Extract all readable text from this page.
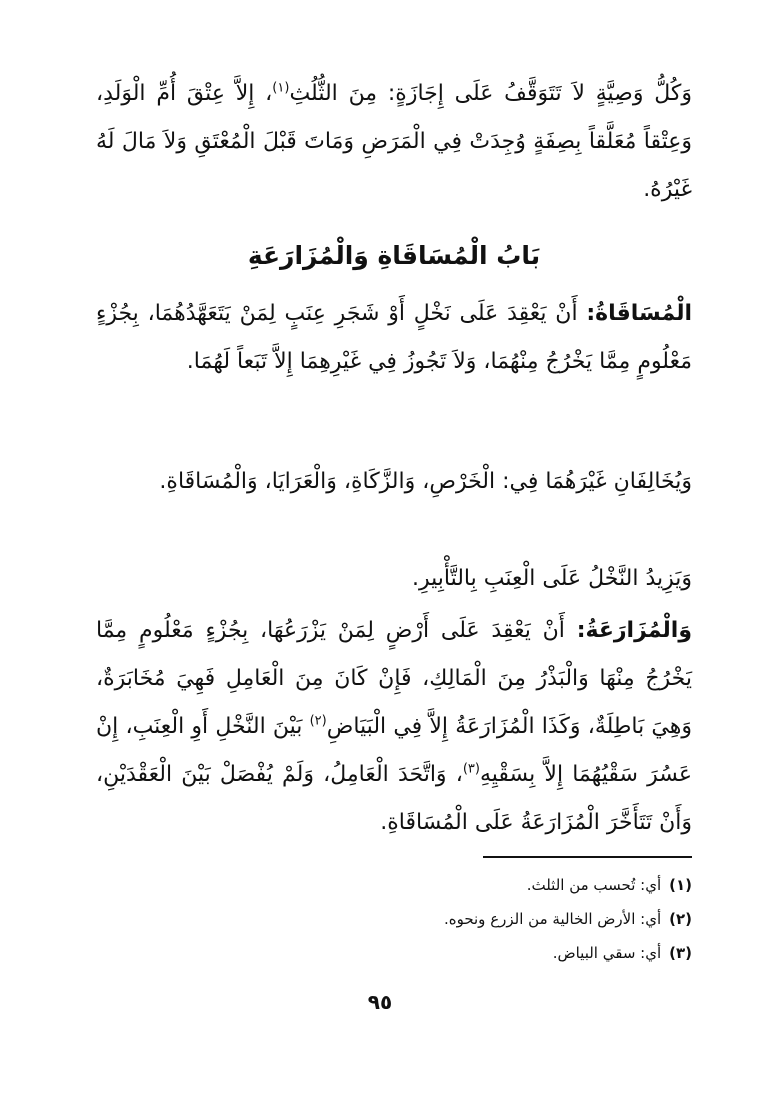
وَكُلُّ وَصِيَّةٍ لاَ تَتَوَقَّفُ عَلَى إِجَازَةٍ: مِنَ الثُّلُثِ$^{(١)}$، إِلاَّ عِتْقَ أُمِّ الْوَلَدِ، وَعِتْقاً مُعَلَّقاً بِصِفَةٍ وُجِدَتْ فِي الْمَرَضِ وَمَاتَ قَبْلَ الْمُعْتَقِ وَلاَ مَالَ لَهُ غَيْرُهُ.

بَابُ الْمُسَاقَاةِ وَالْمُزَارَعَةِ

الْمُسَاقَاةُ: أَنْ يَعْقِدَ عَلَى نَخْلٍ أَوْ شَجَرِ عِنَبٍ لِمَنْ يَتَعَهَّدُهُمَا، بِجُزْءٍ مَعْلُومٍ مِمَّا يَخْرُجُ مِنْهُمَا، وَلاَ تَجُوزُ فِي غَيْرِهِمَا إِلاَّ تَبَعاً لَهُمَا.

وَيُخَالِفَانِ غَيْرَهُمَا فِي: الْخَرْصِ، وَالزَّكَاةِ، وَالْعَرَايَا، وَالْمُسَاقَاةِ.

وَيَزِيدُ النَّخْلُ عَلَى الْعِنَبِ بِالتَّأْبِيرِ.

وَالْمُزَارَعَةُ: أَنْ يَعْقِدَ عَلَى أَرْضٍ لِمَنْ يَزْرَعُهَا، بِجُزْءٍ مَعْلُومٍ مِمَّا يَخْرُجُ مِنْهَا وَالْبَذْرُ مِنَ الْمَالِكِ، فَإِنْ كَانَ مِنَ الْعَامِلِ فَهِيَ مُخَابَرَةٌ، وَهِيَ بَاطِلَةٌ، وَكَذَا الْمُزَارَعَةُ إِلاَّ فِي الْبَيَاضِ$^{(٢)}$ بَيْنَ النَّخْلِ أَوِ الْعِنَبِ، إِنْ عَسُرَ سَقْيُهُمَا إِلاَّ بِسَقْيِهِ$^{(٣)}$، وَاتَّحَدَ الْعَامِلُ، وَلَمْ يُفْصَلْ بَيْنَ الْعَقْدَيْنِ، وَأَنْ تَتَأَخَّرَ الْمُزَارَعَةُ عَلَى الْمُسَاقَاةِ.

(١)أي: تُحسب من الثلث.
(٢)أي: الأرض الخالية من الزرع ونحوه.
(٣)أي: سقي البياض.
٩٥
